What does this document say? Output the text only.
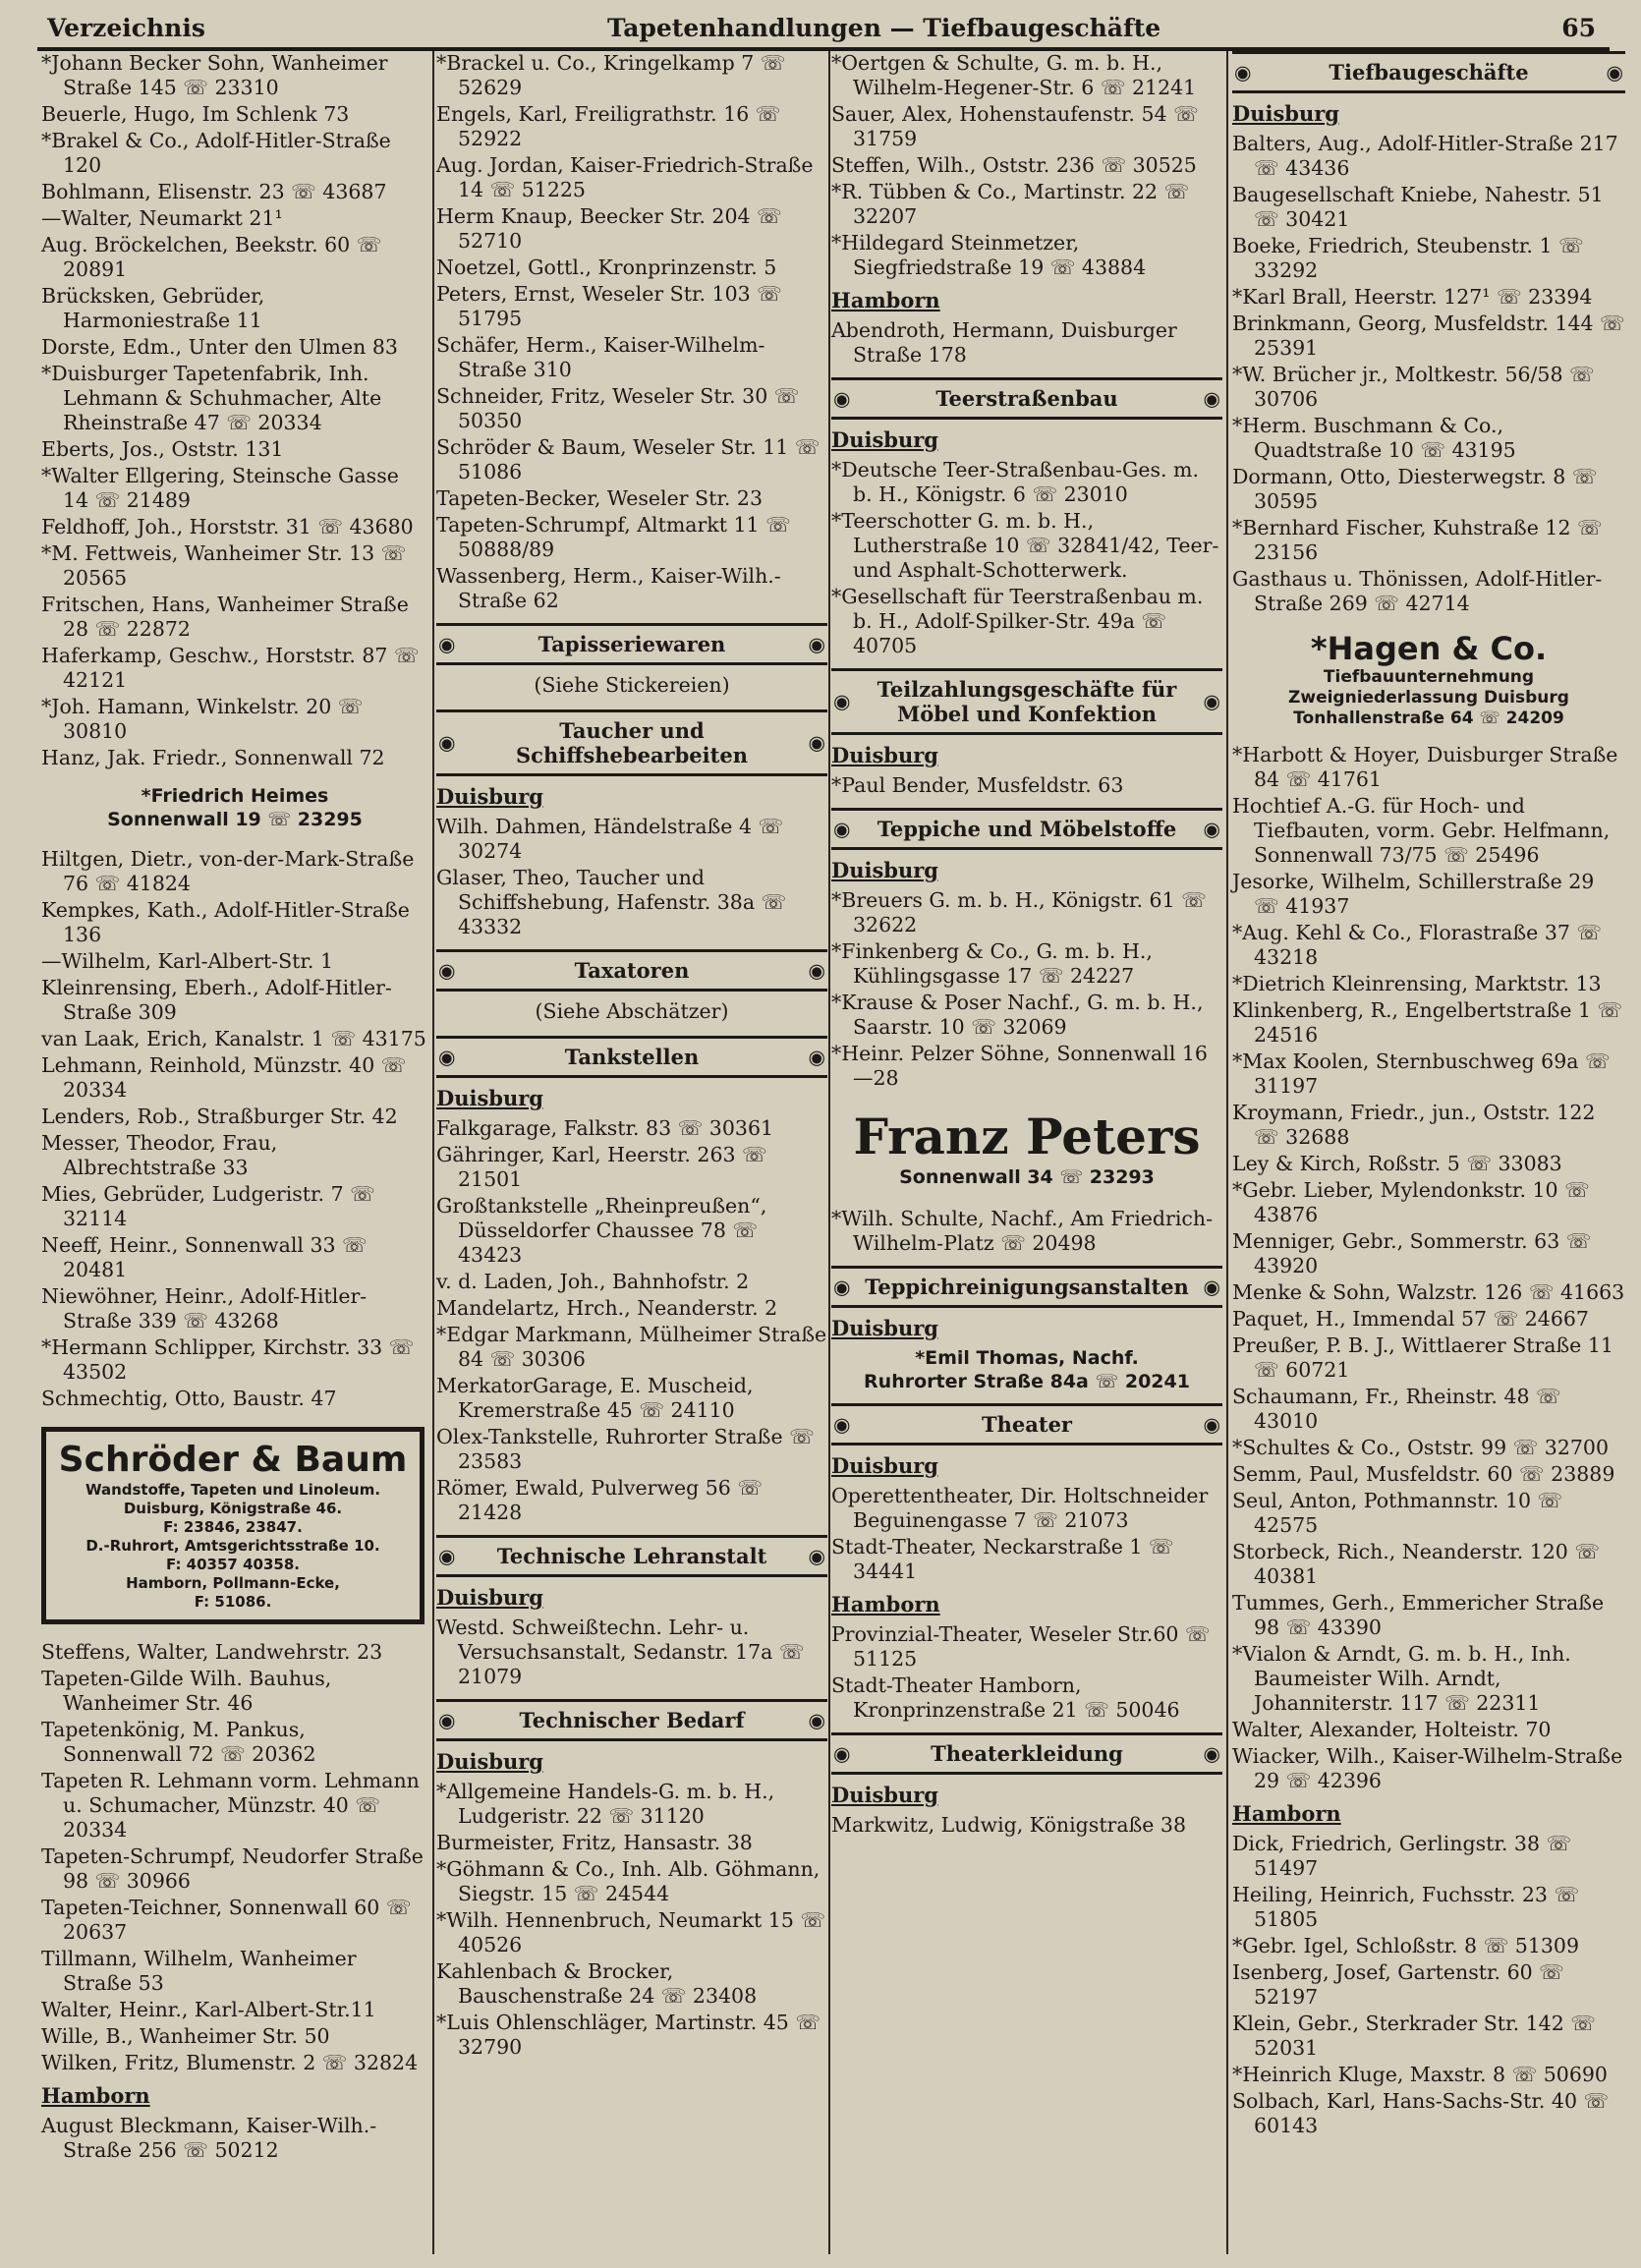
Verzeichnis	Tapetenhandlungen — Tiefbaugeschäfte	65
*Johann Becker Sohn, Wanheimer Straße 145 ☏ 23310
Beuerle, Hugo, Im Schlenk 73
*Brakel & Co., Adolf-Hitler-Straße 120
Bohlmann, Elisenstr. 23 ☏ 43687
—Walter, Neumarkt 21¹
Aug. Bröckelchen, Beekstr. 60 ☏ 20891
Brücksken, Gebrüder, Harmoniestraße 11
Dorste, Edm., Unter den Ulmen 83
*Duisburger Tapetenfabrik, Inh. Lehmann & Schuhmacher, Alte Rheinstraße 47 ☏ 20334
Eberts, Jos., Oststr. 131
*Walter Ellgering, Steinsche Gasse 14 ☏ 21489
Feldhoff, Joh., Horststr. 31 ☏ 43680
*M. Fettweis, Wanheimer Str. 13 ☏ 20565
Fritschen, Hans, Wanheimer Straße 28 ☏ 22872
Haferkamp, Geschw., Horststr. 87 ☏ 42121
*Joh. Hamann, Winkelstr. 20 ☏ 30810
Hanz, Jak. Friedr., Sonnenwall 72
*Friedrich Heimes
Sonnenwall 19 ☏ 23295
Hiltgen, Dietr., von-der-Mark-Straße 76 ☏ 41824
Kempkes, Kath., Adolf-Hitler-Straße 136
—Wilhelm, Karl-Albert-Str. 1
Kleinrensing, Eberh., Adolf-Hitler-Straße 309
van Laak, Erich, Kanalstr. 1 ☏ 43175
Lehmann, Reinhold, Münzstr. 40 ☏ 20334
Lenders, Rob., Straßburger Str. 42
Messer, Theodor, Frau, Albrechtstraße 33
Mies, Gebrüder, Ludgeristr. 7 ☏ 32114
Neeff, Heinr., Sonnenwall 33 ☏ 20481
Niewöhner, Heinr., Adolf-Hitler-Straße 339 ☏ 43268
*Hermann Schlipper, Kirchstr. 33 ☏ 43502
Schmechtig, Otto, Baustr. 47
Schröder & Baum
Wandstoffe, Tapeten und Linoleum.
Duisburg, Königstraße 46.
F: 23846, 23847.
D.-Ruhrort, Amtsgerichtsstraße 10.
F: 40357 40358.
Hamborn, Pollmann-Ecke,
F: 51086.
Steffens, Walter, Landwehrstr. 23
Tapeten-Gilde Wilh. Bauhus, Wanheimer Str. 46
Tapetenkönig, M. Pankus, Sonnenwall 72 ☏ 20362
Tapeten R. Lehmann vorm. Lehmann u. Schumacher, Münzstr. 40 ☏ 20334
Tapeten-Schrumpf, Neudorfer Straße 98 ☏ 30966
Tapeten-Teichner, Sonnenwall 60 ☏ 20637
Tillmann, Wilhelm, Wanheimer Straße 53
Walter, Heinr., Karl-Albert-Str.11
Wille, B., Wanheimer Str. 50
Wilken, Fritz, Blumenstr. 2 ☏ 32824
Hamborn
August Bleckmann, Kaiser-Wilh.-Straße 256 ☏ 50212
*Brackel u. Co., Kringelkamp 7 ☏ 52629
Engels, Karl, Freiligrathstr. 16 ☏ 52922
Aug. Jordan, Kaiser-Friedrich-Straße 14 ☏ 51225
Herm Knaup, Beecker Str. 204 ☏ 52710
Noetzel, Gottl., Kronprinzenstr. 5
Peters, Ernst, Weseler Str. 103 ☏ 51795
Schäfer, Herm., Kaiser-Wilhelm-Straße 310
Schneider, Fritz, Weseler Str. 30 ☏ 50350
Schröder & Baum, Weseler Str. 11 ☏ 51086
Tapeten-Becker, Weseler Str. 23
Tapeten-Schrumpf, Altmarkt 11 ☏ 50888/89
Wassenberg, Herm., Kaiser-Wilh.-Straße 62
◉ Tapisseriewaren ◉
(Siehe Stickereien)
◉ Taucher und Schiffshebearbeiten ◉
Duisburg
Wilh. Dahmen, Händelstraße 4 ☏ 30274
Glaser, Theo, Taucher und Schiffshebung, Hafenstr. 38a ☏ 43332
◉ Taxatoren ◉
(Siehe Abschätzer)
◉ Tankstellen ◉
Duisburg
Falkgarage, Falkstr. 83 ☏ 30361
Gähringer, Karl, Heerstr. 263 ☏ 21501
Großtankstelle „Rheinpreußen“, Düsseldorfer Chaussee 78 ☏ 43423
v. d. Laden, Joh., Bahnhofstr. 2
Mandelartz, Hrch., Neanderstr. 2
*Edgar Markmann, Mülheimer Straße 84 ☏ 30306
MerkatorGarage, E. Muscheid, Kremerstraße 45 ☏ 24110
Olex-Tankstelle, Ruhrorter Straße ☏ 23583
Römer, Ewald, Pulverweg 56 ☏ 21428
◉ Technische Lehranstalt ◉
Duisburg
Westd. Schweißtechn. Lehr- u. Versuchsanstalt, Sedanstr. 17a ☏ 21079
◉ Technischer Bedarf ◉
Duisburg
*Allgemeine Handels-G. m. b. H., Ludgeristr. 22 ☏ 31120
Burmeister, Fritz, Hansastr. 38
*Göhmann & Co., Inh. Alb. Göhmann, Siegstr. 15 ☏ 24544
*Wilh. Hennenbruch, Neumarkt 15 ☏ 40526
Kahlenbach & Brocker, Bauschenstraße 24 ☏ 23408
*Luis Ohlenschläger, Martinstr. 45 ☏ 32790
*Oertgen & Schulte, G. m. b. H., Wilhelm-Hegener-Str. 6 ☏ 21241
Sauer, Alex, Hohenstaufenstr. 54 ☏ 31759
Steffen, Wilh., Oststr. 236 ☏ 30525
*R. Tübben & Co., Martinstr. 22 ☏ 32207
*Hildegard Steinmetzer, Siegfriedstraße 19 ☏ 43884
Hamborn
Abendroth, Hermann, Duisburger Straße 178
◉ Teerstraßenbau ◉
Duisburg
*Deutsche Teer-Straßenbau-Ges. m. b. H., Königstr. 6 ☏ 23010
*Teerschotter G. m. b. H., Lutherstraße 10 ☏ 32841/42, Teer- und Asphalt-Schotterwerk.
*Gesellschaft für Teerstraßenbau m. b. H., Adolf-Spilker-Str. 49a ☏ 40705
◉ Teilzahlungsgeschäfte für Möbel und Konfektion ◉
Duisburg
*Paul Bender, Musfeldstr. 63
◉ Teppiche und Möbelstoffe ◉
Duisburg
*Breuers G. m. b. H., Königstr. 61 ☏ 32622
*Finkenberg & Co., G. m. b. H., Kühlingsgasse 17 ☏ 24227
*Krause & Poser Nachf., G. m. b. H., Saarstr. 10 ☏ 32069
*Heinr. Pelzer Söhne, Sonnenwall 16—28
Franz Peters
Sonnenwall 34 ☏ 23293
*Wilh. Schulte, Nachf., Am Friedrich-Wilhelm-Platz ☏ 20498
◉ Teppichreinigungsanstalten ◉
Duisburg
*Emil Thomas, Nachf.
Ruhrorter Straße 84a ☏ 20241
◉ Theater ◉
Duisburg
Operettentheater, Dir. Holtschneider Beguinengasse 7 ☏ 21073
Stadt-Theater, Neckarstraße 1 ☏ 34441
Hamborn
Provinzial-Theater, Weseler Str.60 ☏ 51125
Stadt-Theater Hamborn, Kronprinzenstraße 21 ☏ 50046
◉ Theaterkleidung ◉
Duisburg
Markwitz, Ludwig, Königstraße 38
◉ Tiefbaugeschäfte ◉
Duisburg
Balters, Aug., Adolf-Hitler-Straße 217 ☏ 43436
Baugesellschaft Kniebe, Nahestr. 51 ☏ 30421
Boeke, Friedrich, Steubenstr. 1 ☏ 33292
*Karl Brall, Heerstr. 127¹ ☏ 23394
Brinkmann, Georg, Musfeldstr. 144 ☏ 25391
*W. Brücher jr., Moltkestr. 56/58 ☏ 30706
*Herm. Buschmann & Co., Quadtstraße 10 ☏ 43195
Dormann, Otto, Diesterwegstr. 8 ☏ 30595
*Bernhard Fischer, Kuhstraße 12 ☏ 23156
Gasthaus u. Thönissen, Adolf-Hitler-Straße 269 ☏ 42714
*Hagen & Co.
Tiefbauunternehmung
Zweigniederlassung Duisburg
Tonhallenstraße 64 ☏ 24209
*Harbott & Hoyer, Duisburger Straße 84 ☏ 41761
Hochtief A.-G. für Hoch- und Tiefbauten, vorm. Gebr. Helfmann, Sonnenwall 73/75 ☏ 25496
Jesorke, Wilhelm, Schillerstraße 29 ☏ 41937
*Aug. Kehl & Co., Florastraße 37 ☏ 43218
*Dietrich Kleinrensing, Marktstr. 13
Klinkenberg, R., Engelbertstraße 1 ☏ 24516
*Max Koolen, Sternbuschweg 69a ☏ 31197
Kroymann, Friedr., jun., Oststr. 122 ☏ 32688
Ley & Kirch, Roßstr. 5 ☏ 33083
*Gebr. Lieber, Mylendonkstr. 10 ☏ 43876
Menniger, Gebr., Sommerstr. 63 ☏ 43920
Menke & Sohn, Walzstr. 126 ☏ 41663
Paquet, H., Immendal 57 ☏ 24667
Preußer, P. B. J., Wittlaerer Straße 11 ☏ 60721
Schaumann, Fr., Rheinstr. 48 ☏ 43010
*Schultes & Co., Oststr. 99 ☏ 32700
Semm, Paul, Musfeldstr. 60 ☏ 23889
Seul, Anton, Pothmannstr. 10 ☏ 42575
Storbeck, Rich., Neanderstr. 120 ☏ 40381
Tummes, Gerh., Emmericher Straße 98 ☏ 43390
*Vialon & Arndt, G. m. b. H., Inh. Baumeister Wilh. Arndt, Johanniterstr. 117 ☏ 22311
Walter, Alexander, Holteistr. 70
Wiacker, Wilh., Kaiser-Wilhelm-Straße 29 ☏ 42396
Hamborn
Dick, Friedrich, Gerlingstr. 38 ☏ 51497
Heiling, Heinrich, Fuchsstr. 23 ☏ 51805
*Gebr. Igel, Schloßstr. 8 ☏ 51309
Isenberg, Josef, Gartenstr. 60 ☏ 52197
Klein, Gebr., Sterkrader Str. 142 ☏ 52031
*Heinrich Kluge, Maxstr. 8 ☏ 50690
Solbach, Karl, Hans-Sachs-Str. 40 ☏ 60143
